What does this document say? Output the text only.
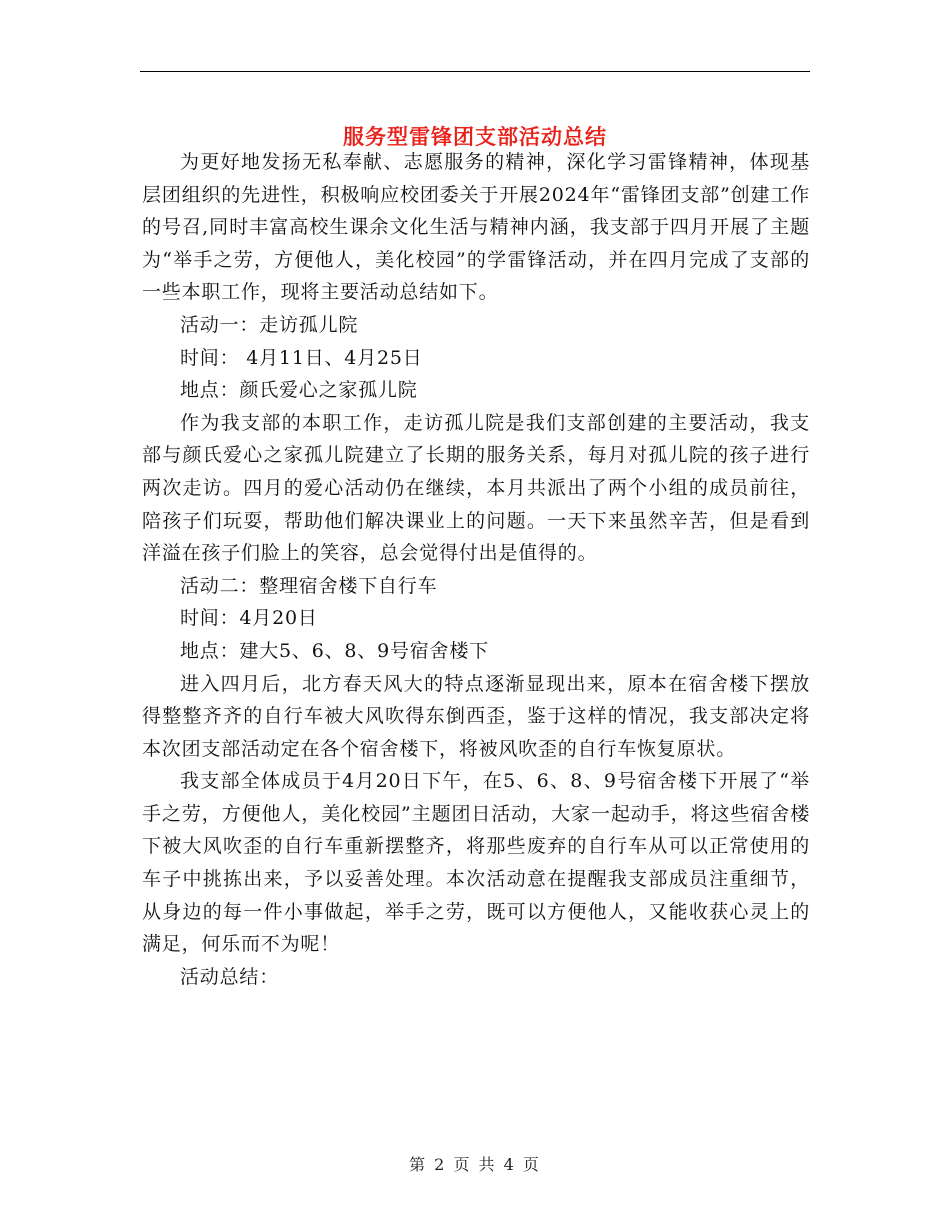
服务型雷锋团支部活动总结

为更好地发扬无私奉献、志愿服务的精神，深化学习雷锋精神，体现基层团组织的先进性，积极响应校团委关于开展2024年“雷锋团支部”创建工作的号召,同时丰富高校生课余文化生活与精神内涵，我支部于四月开展了主题为“举手之劳，方便他人，美化校园”的学雷锋活动，并在四月完成了支部的一些本职工作，现将主要活动总结如下。

活动一：走访孤儿院

时间： 4月11日、4月25日

地点：颜氏爱心之家孤儿院

作为我支部的本职工作，走访孤儿院是我们支部创建的主要活动，我支部与颜氏爱心之家孤儿院建立了长期的服务关系，每月对孤儿院的孩子进行两次走访。四月的爱心活动仍在继续，本月共派出了两个小组的成员前往，陪孩子们玩耍，帮助他们解决课业上的问题。一天下来虽然辛苦，但是看到洋溢在孩子们脸上的笑容，总会觉得付出是值得的。

活动二：整理宿舍楼下自行车

时间：4月20日

地点：建大5、6、8、9号宿舍楼下

进入四月后，北方春天风大的特点逐渐显现出来，原本在宿舍楼下摆放得整整齐齐的自行车被大风吹得东倒西歪，鉴于这样的情况，我支部决定将本次团支部活动定在各个宿舍楼下，将被风吹歪的自行车恢复原状。

我支部全体成员于4月20日下午，在5、6、8、9号宿舍楼下开展了“举手之劳，方便他人，美化校园”主题团日活动，大家一起动手，将这些宿舍楼下被大风吹歪的自行车重新摆整齐，将那些废弃的自行车从可以正常使用的车子中挑拣出来，予以妥善处理。本次活动意在提醒我支部成员注重细节，从身边的每一件小事做起，举手之劳，既可以方便他人，又能收获心灵上的满足，何乐而不为呢！

活动总结：

第 2 页 共 4 页
